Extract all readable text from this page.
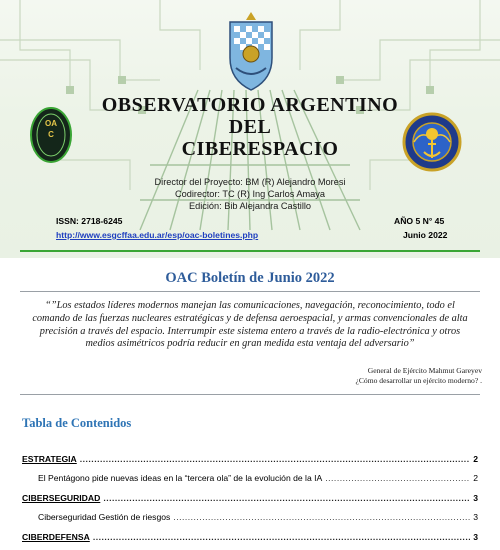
OBSERVATORIO ARGENTINO
DEL
CIBERESPACIO
OAC
Director del Proyecto: BM (R) Alejandro Moresi
Codirector: TC (R) Ing Carlos Amaya
Edición: Bib Alejandra Castillo
ISSN: 2718-6245
http://www.esgcffaa.edu.ar/esp/oac-boletines.php
AÑO 5 N° 45
Junio 2022
OAC Boletín de Junio 2022
“”Los estados líderes modernos manejan las comunicaciones, navegación, reconocimiento, todo el comando de las fuerzas nucleares estratégicas y de defensa aeroespacial, y armas convencionales de alta precisión a través del espacio. Interrumpir este sistema entero a través de la radio-electrónica y otros medios asimétricos podría reducir en gran medida esta ventaja del adversario”
General de Ejército Mahmut Gareyev
¿Cómo desarrollar un ejército moderno? .
Tabla de Contenidos
ESTRATEGIA .....	2
El Pentágono pide nuevas ideas en la “tercera ola” de la evolución de la IA .....	2
CIBERSEGURIDAD .....	3
Ciberseguridad Gestión de riesgos .....	3
CIBERDEFENSA .....	3
